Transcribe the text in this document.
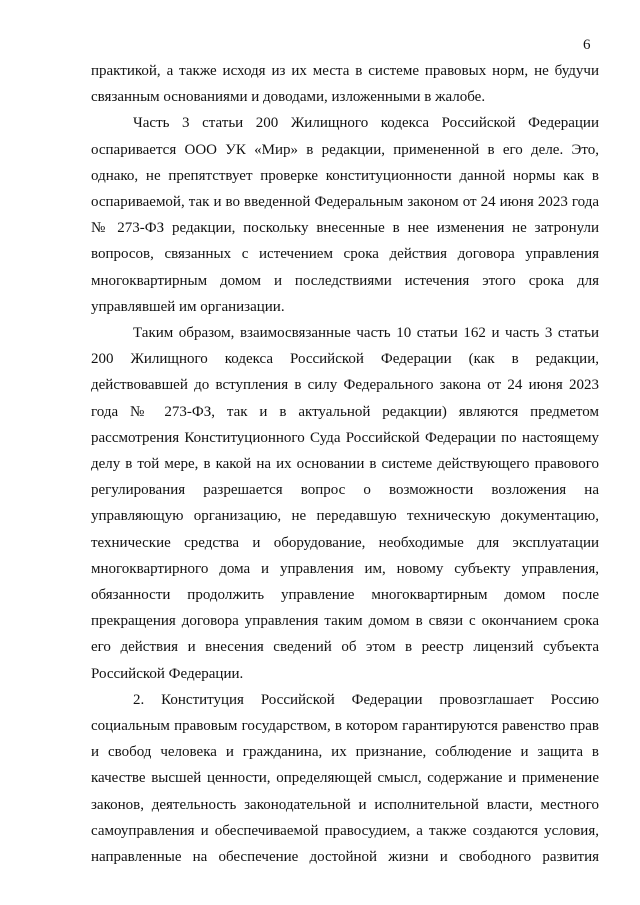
6

практикой, а также исходя из их места в системе правовых норм, не будучи связанным основаниями и доводами, изложенными в жалобе.

Часть 3 статьи 200 Жилищного кодекса Российской Федерации оспаривается ООО УК «Мир» в редакции, примененной в его деле. Это, однако, не препятствует проверке конституционности данной нормы как в оспариваемой, так и во введенной Федеральным законом от 24 июня 2023 года № 273-ФЗ редакции, поскольку внесенные в нее изменения не затронули вопросов, связанных с истечением срока действия договора управления многоквартирным домом и последствиями истечения этого срока для управлявшей им организации.

Таким образом, взаимосвязанные часть 10 статьи 162 и часть 3 статьи 200 Жилищного кодекса Российской Федерации (как в редакции, действовавшей до вступления в силу Федерального закона от 24 июня 2023 года № 273-ФЗ, так и в актуальной редакции) являются предметом рассмотрения Конституционного Суда Российской Федерации по настоящему делу в той мере, в какой на их основании в системе действующего правового регулирования разрешается вопрос о возможности возложения на управляющую организацию, не передавшую техническую документацию, технические средства и оборудование, необходимые для эксплуатации многоквартирного дома и управления им, новому субъекту управления, обязанности продолжить управление многоквартирным домом после прекращения договора управления таким домом в связи с окончанием срока его действия и внесения сведений об этом в реестр лицензий субъекта Российской Федерации.

2. Конституция Российской Федерации провозглашает Россию социальным правовым государством, в котором гарантируются равенство прав и свобод человека и гражданина, их признание, соблюдение и защита в качестве высшей ценности, определяющей смысл, содержание и применение законов, деятельность законодательной и исполнительной власти, местного самоуправления и обеспечиваемой правосудием, а также создаются условия, направленные на обеспечение достойной жизни и свободного развития
